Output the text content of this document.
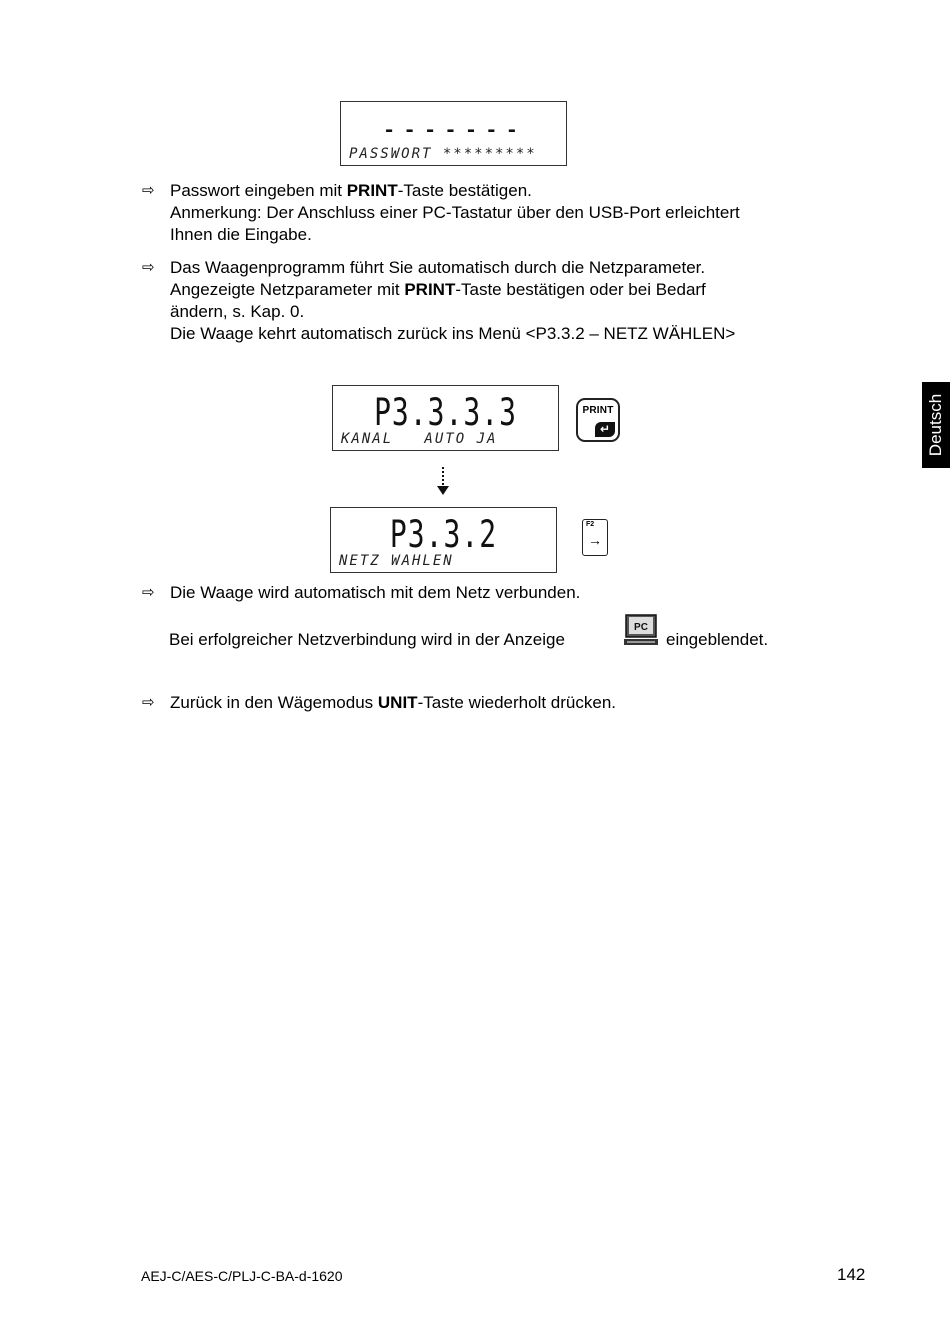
-------
PASSWORT *********
⇨ Passwort eingeben mit PRINT-Taste bestätigen.
Anmerkung: Der Anschluss einer PC-Tastatur über den USB-Port erleichtert
Ihnen die Eingabe.
⇨ Das Waagenprogramm führt Sie automatisch durch die Netzparameter.
Angezeigte Netzparameter mit PRINT-Taste bestätigen oder bei Bedarf
ändern, s. Kap. 0.
Die Waage kehrt automatisch zurück ins Menü <P3.3.2 – NETZ WÄHLEN>
P3.3.3.3
KANAL   AUTO JA
PRINT
↵
P3.3.2
NETZ WAHLEN
F2
→
⇨ Die Waage wird automatisch mit dem Netz verbunden.
Bei erfolgreicher Netzverbindung wird in der Anzeige
PC
eingeblendet.
⇨ Zurück in den Wägemodus UNIT-Taste wiederholt drücken.
Deutsch
AEJ-C/AES-C/PLJ-C-BA-d-1620	142
